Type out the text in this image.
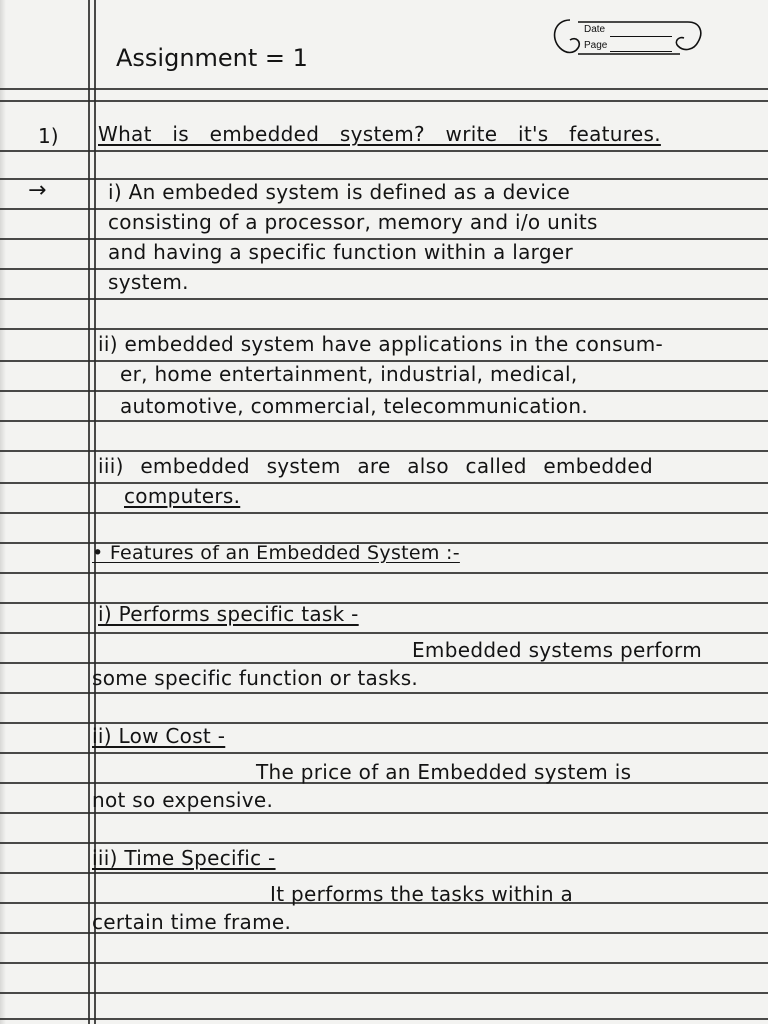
Date
Page
Assignment = 1
1) What is embedded system? write it's features.
→	i) An embeded system is defined as a device
consisting of a processor, memory and i/o units
and having a specific function within a larger
system.
ii) embedded system have applications in the consum-
er, home entertainment, industrial, medical,
automotive, commercial, telecommunication.
iii) embedded system are also called embedded
computers.
• Features of an Embedded System :-
i) Performs specific task -
Embedded systems perform
some specific function or tasks.
ii) Low Cost -
The price of an Embedded system is
not so expensive.
iii) Time Specific -
It performs the tasks within a
certain time frame.
